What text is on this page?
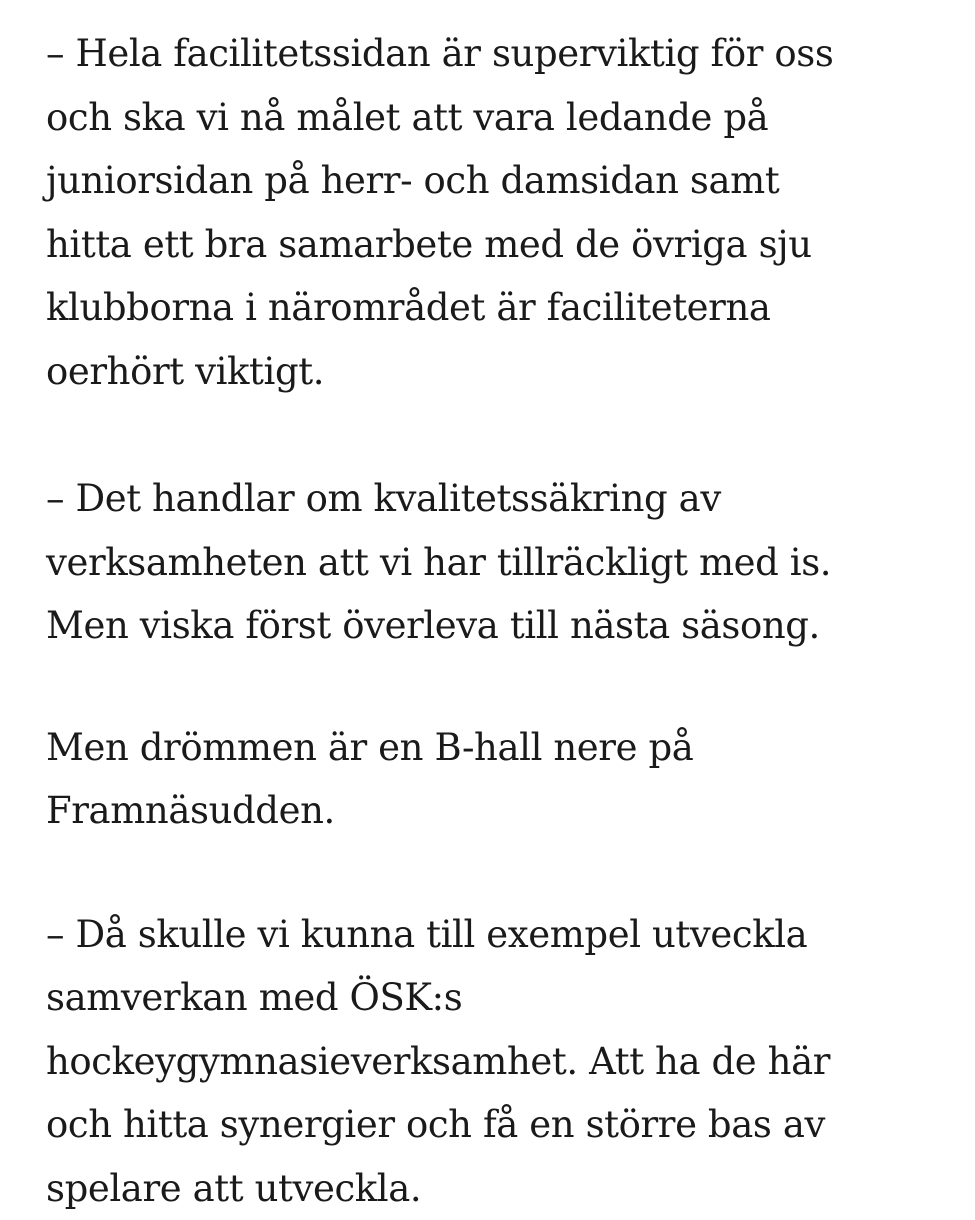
– Hela facilitetssidan är superviktig för oss
och ska vi nå målet att vara ledande på
juniorsidan på herr- och damsidan samt
hitta ett bra samarbete med de övriga sju
klubborna i närområdet är faciliteterna
oerhört viktigt.

– Det handlar om kvalitetssäkring av
verksamheten att vi har tillräckligt med is.
Men viska först överleva till nästa säsong.

Men drömmen är en B-hall nere på
Framnäsudden.

– Då skulle vi kunna till exempel utveckla
samverkan med ÖSK:s
hockeygymnasieverksamhet. Att ha de här
och hitta synergier och få en större bas av
spelare att utveckla.
